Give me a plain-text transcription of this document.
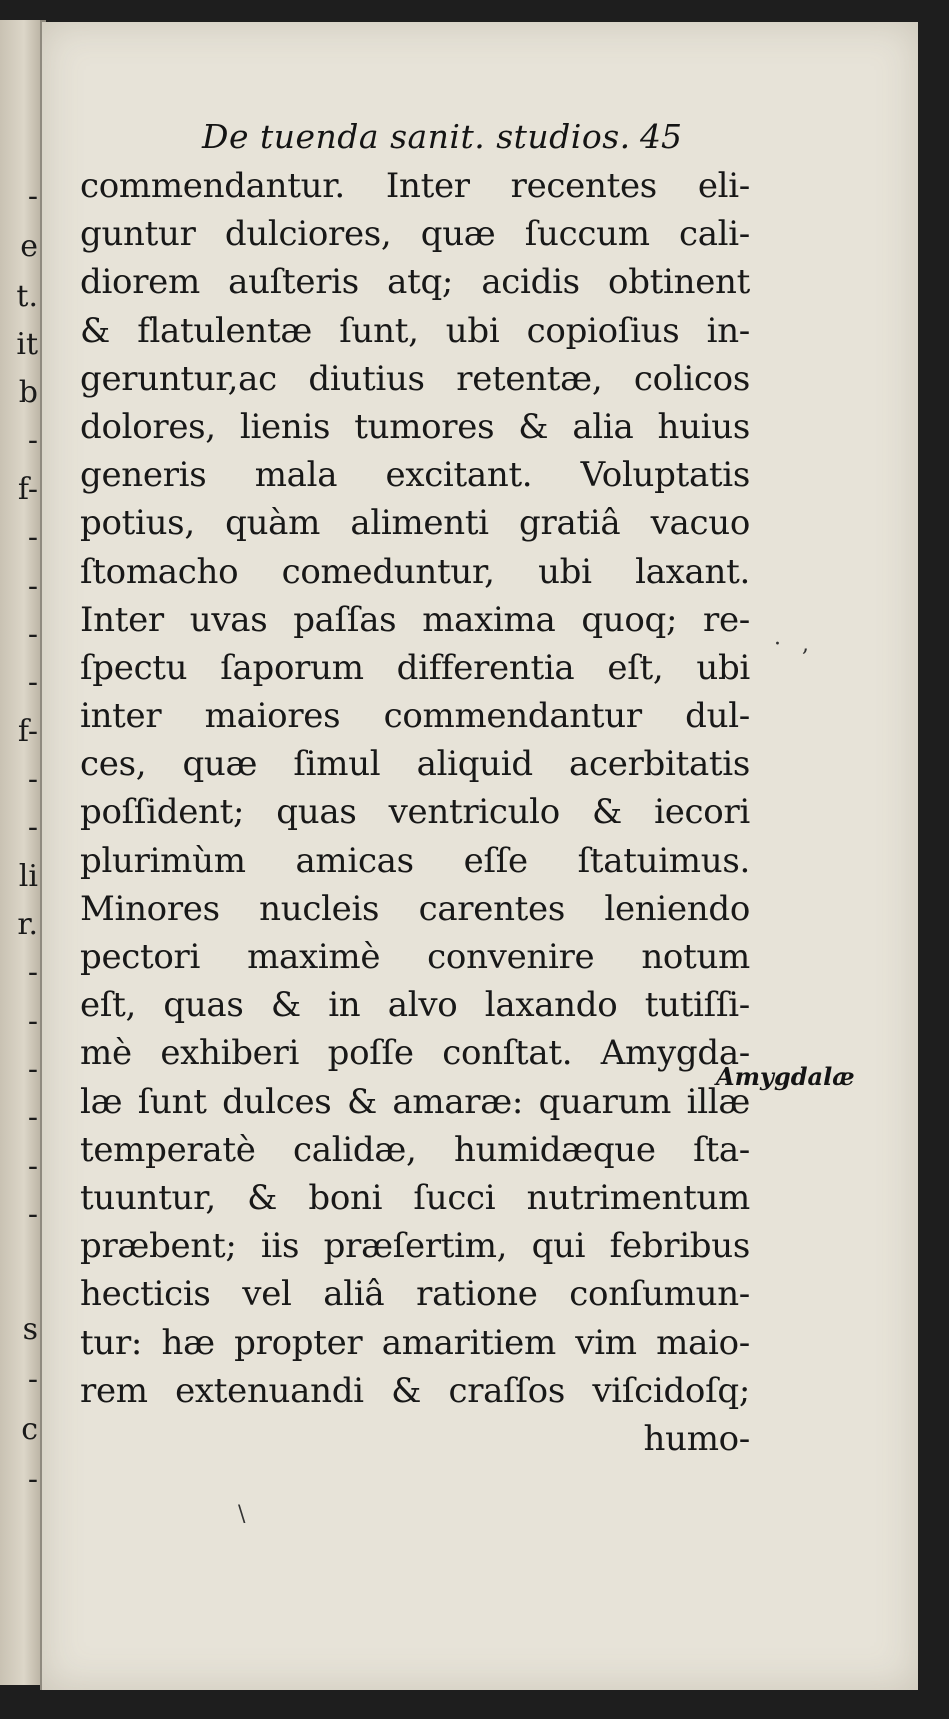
-
e
t.
it
b
-
f-
-
-
-
-
f-
-
-
li
r.
-
-
-
-
-
-
s
-
c
-
De tuenda sanit. studios. 45
commendantur. Inter recentes eli-
guntur dulciores, quæ ſuccum cali-
diorem auſteris atq; acidis obtinent
& flatulentæ ſunt, ubi copioſius in-
geruntur,ac diutius retentæ, colicos
dolores, lienis tumores & alia huius
generis mala excitant. Voluptatis
potius, quàm alimenti gratiâ vacuo
ſtomacho comeduntur, ubi laxant.
Inter uvas paſſas maxima quoq; re-
ſpectu ſaporum differentia eſt, ubi
inter maiores commendantur dul-
ces, quæ ſimul aliquid acerbitatis
poſſident; quas ventriculo & iecori
plurimùm amicas eſſe ſtatuimus.
Minores nucleis carentes leniendo
pectori maximè convenire notum
eſt, quas & in alvo laxando tutiſſi-
mè exhiberi poſſe conſtat. Amygda-
læ ſunt dulces & amaræ: quarum illæ
temperatè calidæ, humidæque ſta-
tuuntur, & boni ſucci nutrimentum
præbent; iis præſertim, qui febribus
hecticis vel aliâ ratione conſumun-
tur: hæ propter amaritiem vim maio-
rem extenuandi & craſſos viſcidoſq;
humo-
Amygdalæ
· ,
\
